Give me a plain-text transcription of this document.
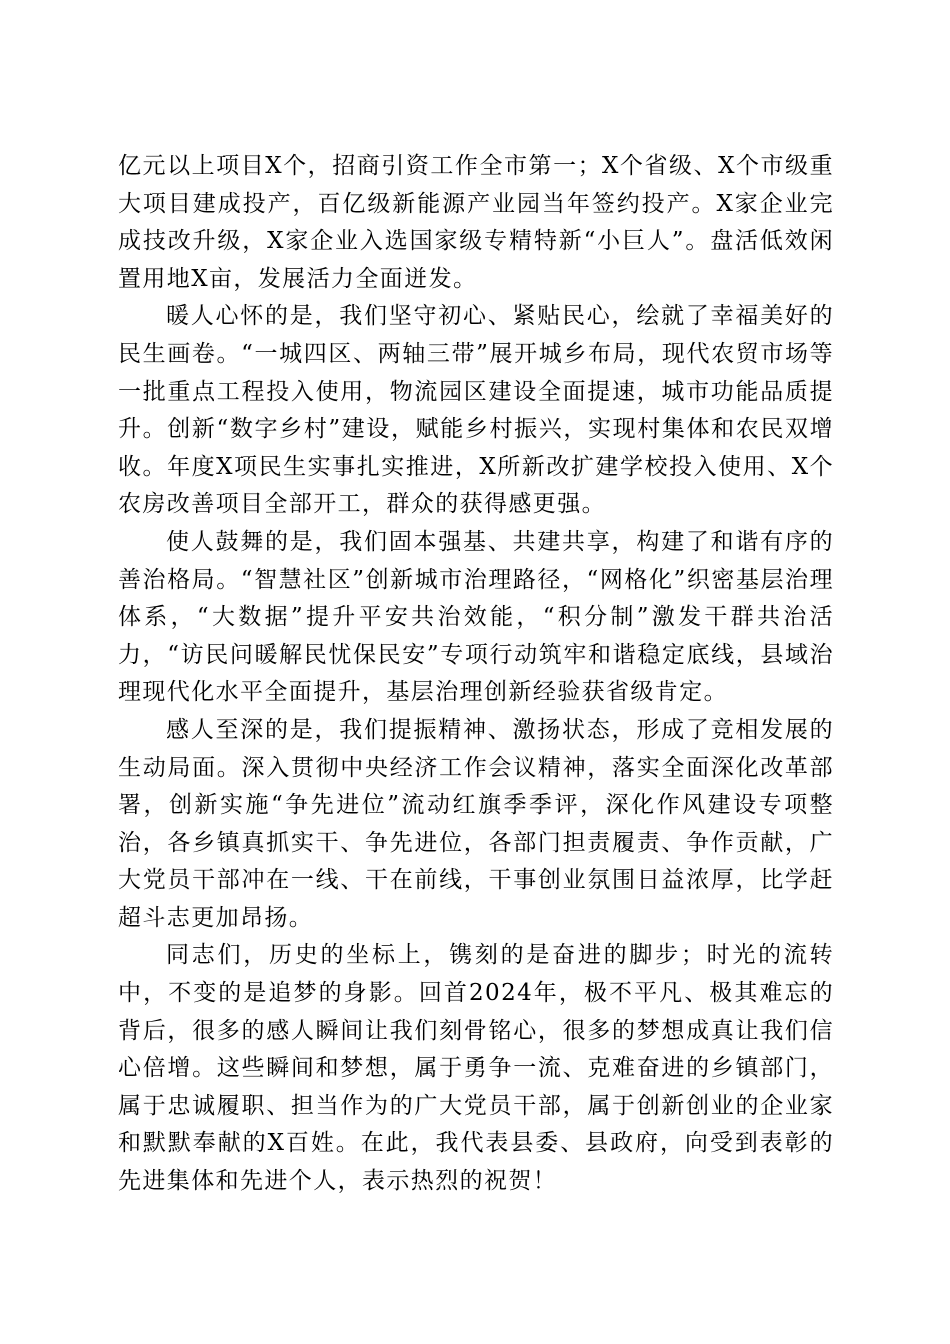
亿元以上项目X个，招商引资工作全市第一；X个省级、X个市级重大项目建成投产，百亿级新能源产业园当年签约投产。X家企业完成技改升级，X家企业入选国家级专精特新“小巨人”。盘活低效闲置用地X亩，发展活力全面迸发。

暖人心怀的是，我们坚守初心、紧贴民心，绘就了幸福美好的民生画卷。“一城四区、两轴三带”展开城乡布局，现代农贸市场等一批重点工程投入使用，物流园区建设全面提速，城市功能品质提升。创新“数字乡村”建设，赋能乡村振兴，实现村集体和农民双增收。年度X项民生实事扎实推进，X所新改扩建学校投入使用、X个农房改善项目全部开工，群众的获得感更强。

使人鼓舞的是，我们固本强基、共建共享，构建了和谐有序的善治格局。“智慧社区”创新城市治理路径，“网格化”织密基层治理体系，“大数据”提升平安共治效能，“积分制”激发干群共治活力，“访民问暖解民忧保民安”专项行动筑牢和谐稳定底线，县域治理现代化水平全面提升，基层治理创新经验获省级肯定。

感人至深的是，我们提振精神、激扬状态，形成了竞相发展的生动局面。深入贯彻中央经济工作会议精神，落实全面深化改革部署，创新实施“争先进位”流动红旗季季评，深化作风建设专项整治，各乡镇真抓实干、争先进位，各部门担责履责、争作贡献，广大党员干部冲在一线、干在前线，干事创业氛围日益浓厚，比学赶超斗志更加昂扬。

同志们，历史的坐标上，镌刻的是奋进的脚步；时光的流转中，不变的是追梦的身影。回首2024年，极不平凡、极其难忘的背后，很多的感人瞬间让我们刻骨铭心，很多的梦想成真让我们信心倍增。这些瞬间和梦想，属于勇争一流、克难奋进的乡镇部门，属于忠诚履职、担当作为的广大党员干部，属于创新创业的企业家和默默奉献的X百姓。在此，我代表县委、县政府，向受到表彰的先进集体和先进个人，表示热烈的祝贺！
